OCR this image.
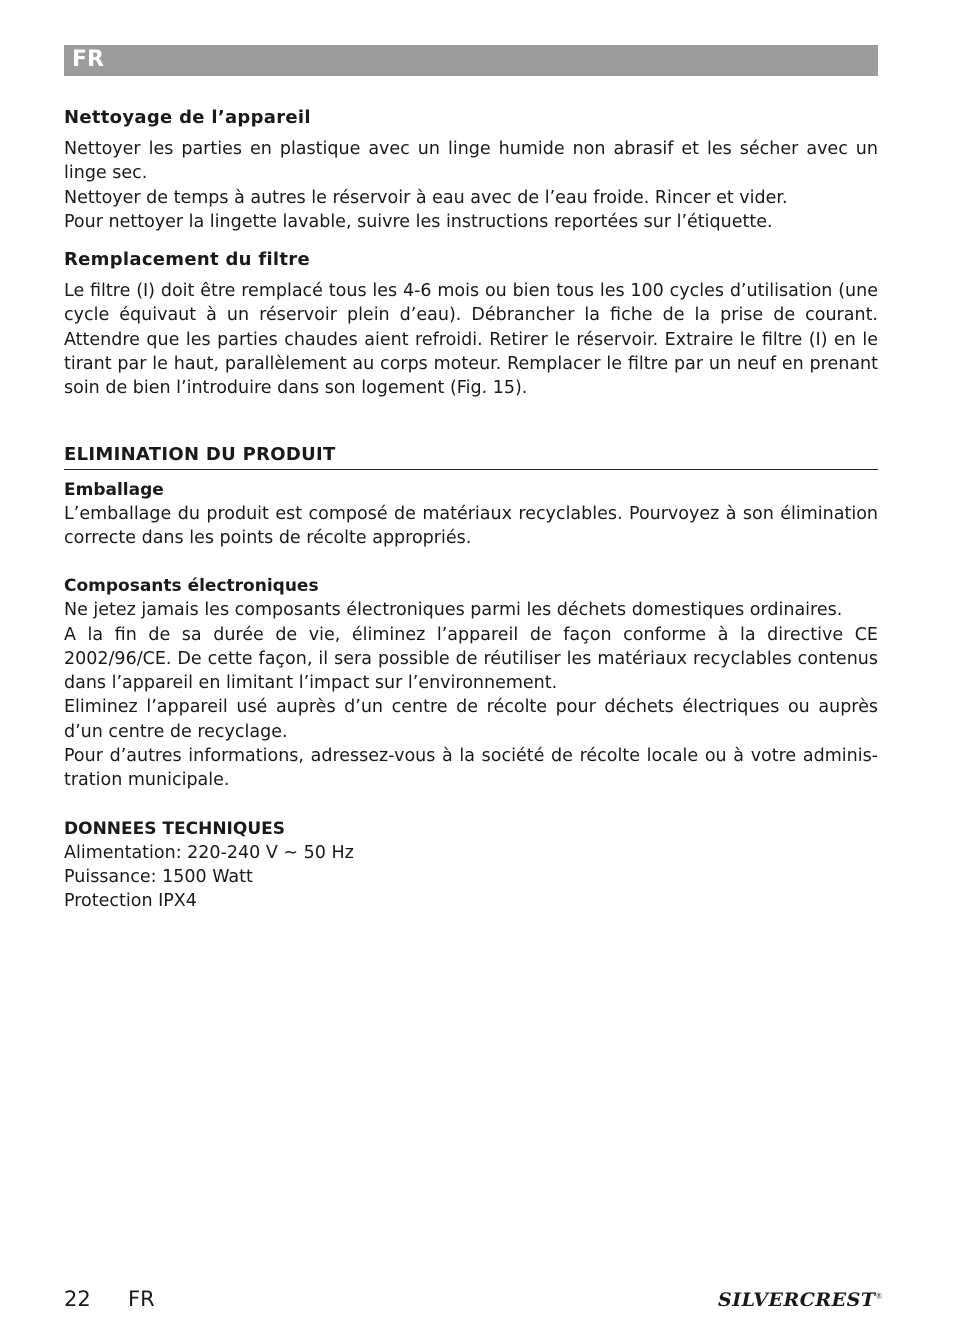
FR
Nettoyage de l’appareil

Nettoyer les parties en plastique avec un linge humide non abrasif et les sécher avec un linge sec.

Nettoyer de temps à autres le réservoir à eau avec de l’eau froide. Rincer et vider.

Pour nettoyer la lingette lavable, suivre les instructions reportées sur l’étiquette.

Remplacement du filtre

Le filtre (I) doit être remplacé tous les 4-6 mois ou bien tous les 100 cycles d’utilisation (une cycle équivaut à un réservoir plein d’eau). Débrancher la fiche de la prise de courant. Attendre que les parties chaudes aient refroidi. Retirer le réservoir. Extraire le filtre (I) en le tirant par le haut, parallèlement au corps moteur. Remplacer le filtre par un neuf en prenant soin de bien l’introduire dans son logement (Fig. 15).

ELIMINATION DU PRODUIT
Emballage

L’emballage du produit est composé de matériaux recyclables. Pourvoyez à son élimination correcte dans les points de récolte appropriés.

Composants électroniques

Ne jetez jamais les composants électroniques parmi les déchets domestiques ordinaires.

A la fin de sa durée de vie, éliminez l’appareil de façon conforme à la directive CE 2002/96/CE. De cette façon, il sera possible de réutiliser les matériaux recyclables contenus dans l’appareil en limitant l’impact sur l’environnement.

Eliminez l’appareil usé auprès d’un centre de récolte pour déchets électriques ou auprès d’un centre de recyclage.

Pour d’autres informations, adressez-vous à la société de récolte locale ou à votre adminis-tration municipale.

DONNEES TECHNIQUES

Alimentation: 220-240 V ~ 50 Hz

Puissance: 1500 Watt

Protection IPX4

22 FR	SILVERCREST®
